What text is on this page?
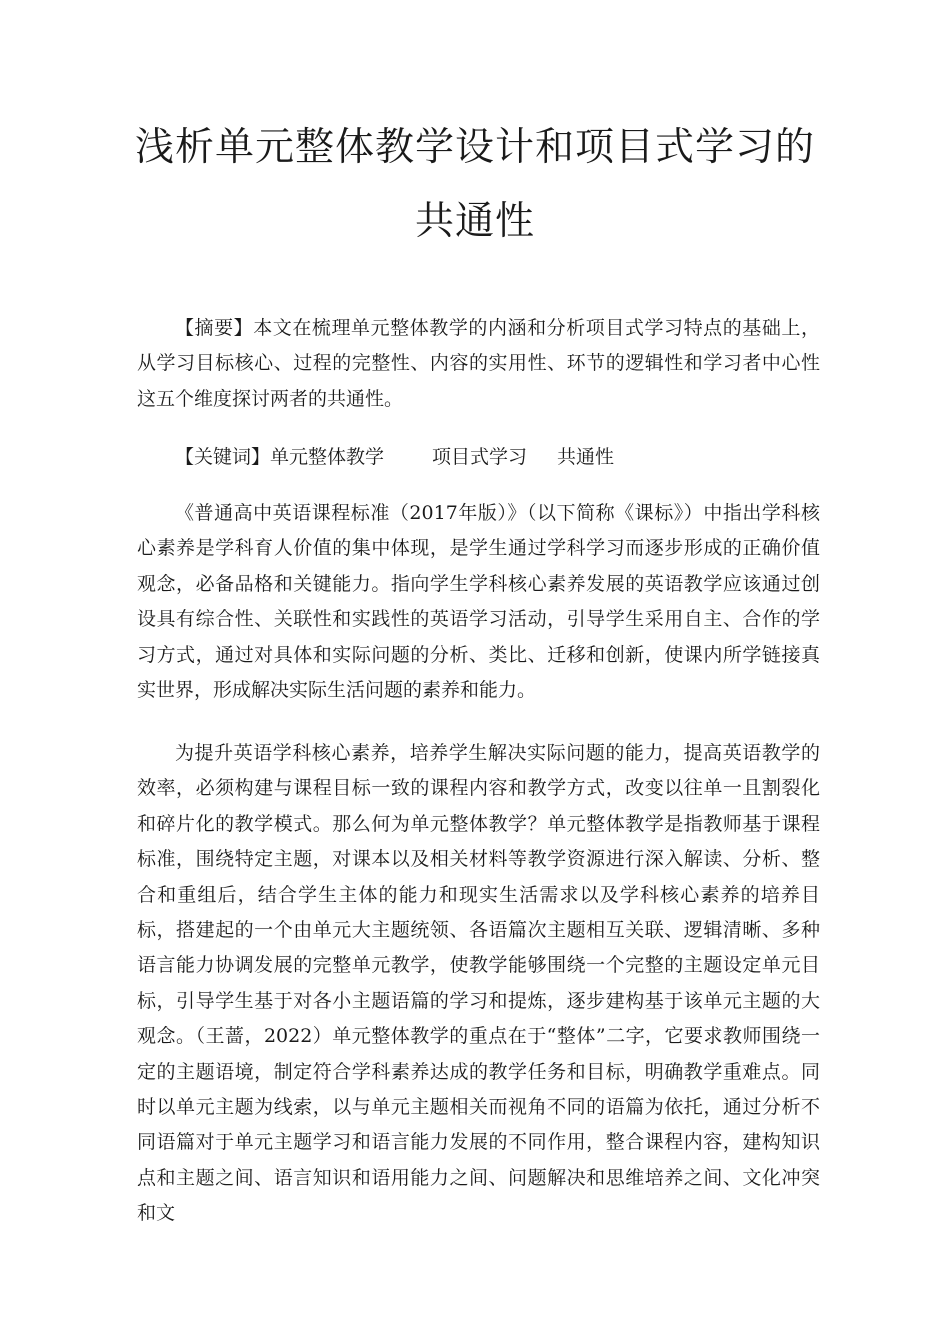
浅析单元整体教学设计和项目式学习的
共通性

【摘要】本文在梳理单元整体教学的内涵和分析项目式学习特点的基础上，从学习目标核心、过程的完整性、内容的实用性、环节的逻辑性和学习者中心性这五个维度探讨两者的共通性。

【关键词】单元整体教学	项目式学习 共通性

《普通高中英语课程标准（2017年版）》（以下简称《课标》）中指出学科核心素养是学科育人价值的集中体现，是学生通过学科学习而逐步形成的正确价值观念，必备品格和关键能力。指向学生学科核心素养发展的英语教学应该通过创设具有综合性、关联性和实践性的英语学习活动，引导学生采用自主、合作的学习方式，通过对具体和实际问题的分析、类比、迁移和创新，使课内所学链接真实世界，形成解决实际生活问题的素养和能力。

为提升英语学科核心素养，培养学生解决实际问题的能力，提高英语教学的效率，必须构建与课程目标一致的课程内容和教学方式，改变以往单一且割裂化和碎片化的教学模式。那么何为单元整体教学？单元整体教学是指教师基于课程标准，围绕特定主题，对课本以及相关材料等教学资源进行深入解读、分析、整合和重组后，结合学生主体的能力和现实生活需求以及学科核心素养的培养目标，搭建起的一个由单元大主题统领、各语篇次主题相互关联、逻辑清晰、多种语言能力协调发展的完整单元教学，使教学能够围绕一个完整的主题设定单元目标，引导学生基于对各小主题语篇的学习和提炼，逐步建构基于该单元主题的大观念。（王蔷，2022）单元整体教学的重点在于“整体”二字，它要求教师围绕一定的主题语境，制定符合学科素养达成的教学任务和目标，明确教学重难点。同时以单元主题为线索，以与单元主题相关而视角不同的语篇为依托，通过分析不同语篇对于单元主题学习和语言能力发展的不同作用，整合课程内容，建构知识点和主题之间、语言知识和语用能力之间、问题解决和思维培养之间、文化冲突和文
